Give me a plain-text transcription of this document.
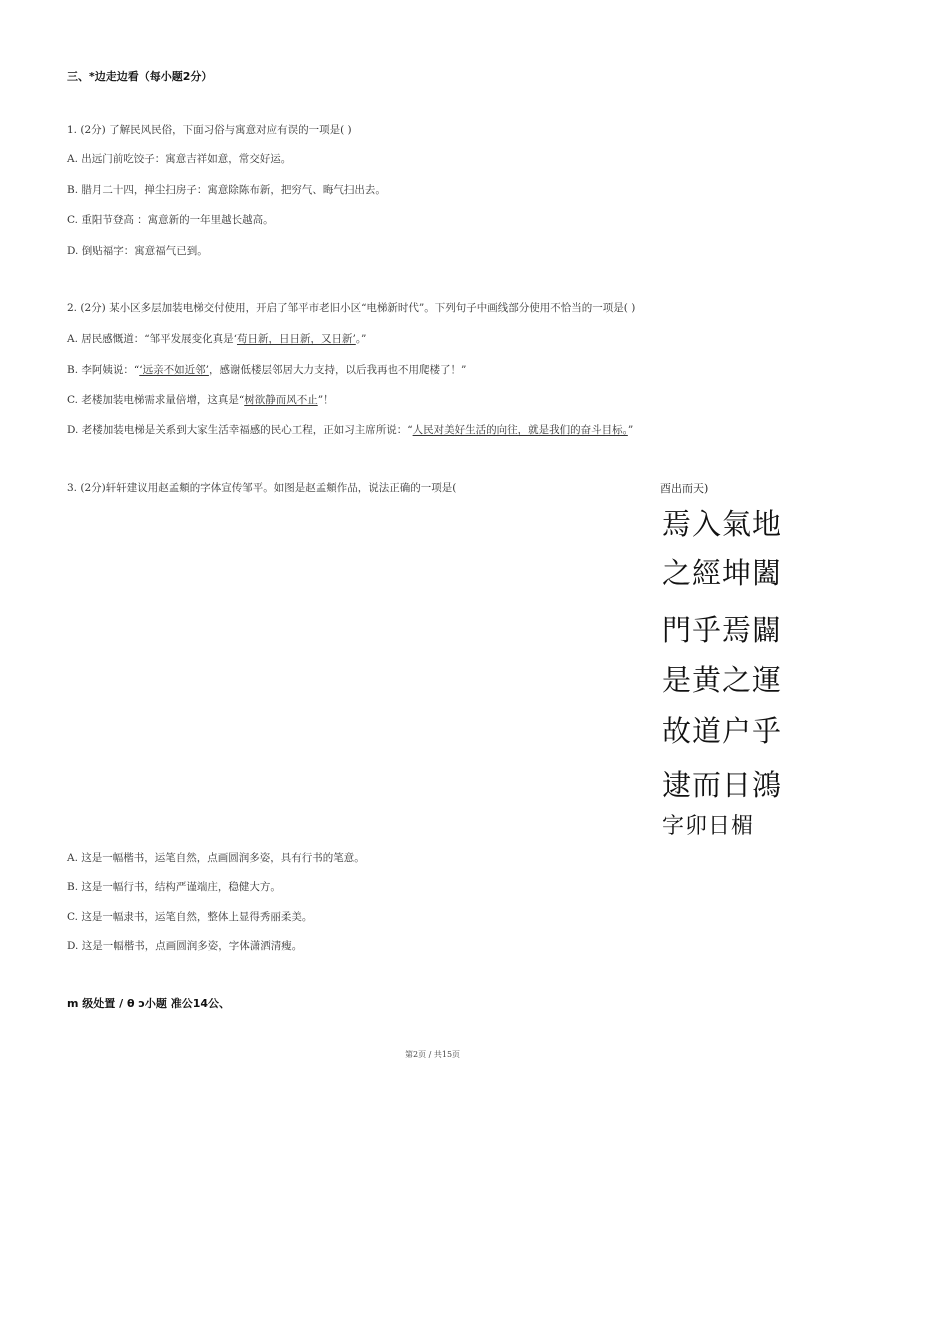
三、*边走边看（每小题2分）
1. (2分) 了解民风民俗，下面习俗与寓意对应有误的一项是( )
A. 出远门前吃饺子：寓意吉祥如意，常交好运。
B. 腊月二十四，掸尘扫房子：寓意除陈布新，把穷气、晦气扫出去。
C. 重阳节登高 ：寓意新的一年里越长越高。
D. 倒贴福字：寓意福气已到。
2. (2分) 某小区多层加装电梯交付使用，开启了邹平市老旧小区“电梯新时代”。下列句子中画线部分使用不恰当的一项是( )
A. 居民感慨道：“邹平发展变化真是‘苟日新，日日新，又日新’。”
B. 李阿姨说：“‘远亲不如近邻’，感谢低楼层邻居大力支持，以后我再也不用爬楼了！”
C. 老楼加装电梯需求量倍增，这真是“树欲静而风不止”！
D. 老楼加装电梯是关系到大家生活幸福感的民心工程，正如习主席所说：“人民对美好生活的向往，就是我们的奋斗目标。”
3. (2分)轩轩建议用赵孟頫的字体宣传邹平。如图是赵孟頫作品，说法正确的一项是(	酉出而天)
焉入氣地
之經坤闔
門乎焉闢
是黄之運
故道户乎
逮而日鴻
字卯日楣
A. 这是一幅楷书，运笔自然，点画圆润多姿，具有行书的笔意。
B. 这是一幅行书，结构严谨端庄，稳健大方。
C. 这是一幅隶书，运笔自然，整体上显得秀丽柔美。
D. 这是一幅楷书，点画圆润多姿，字体潇洒清瘦。
m 级处置 / θ ɔ小题 准公14公、
第2页 / 共15页
